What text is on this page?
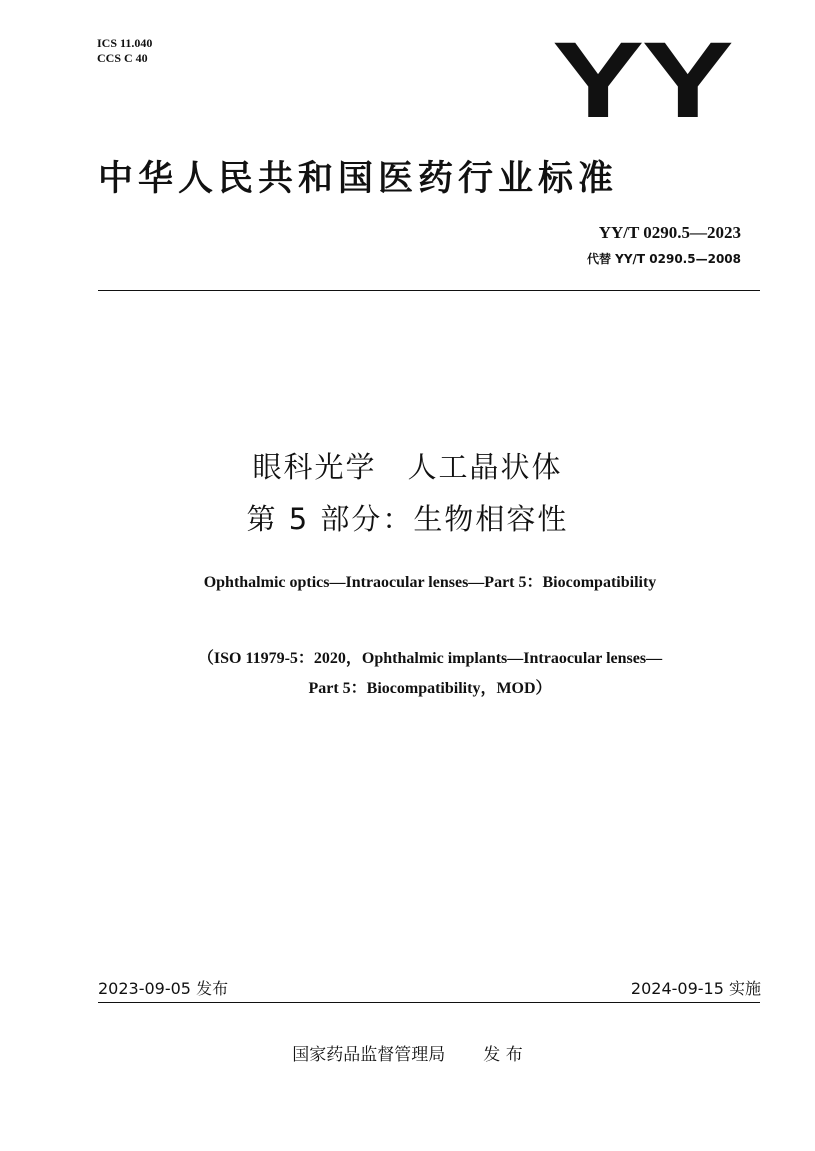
ICS 11.040
CCS C 40	YY
中华人民共和国医药行业标准
YY/T 0290.5—2023
代替 YY/T 0290.5—2008
眼科光学　人工晶状体
第 5 部分：生物相容性
Ophthalmic optics—Intraocular lenses—Part 5：Biocompatibility
（ISO 11979-5：2020，Ophthalmic implants—Intraocular lenses—
Part 5：Biocompatibility，MOD）
2023-09-05 发布	2024-09-15 实施
国家药品监督管理局 发 布
